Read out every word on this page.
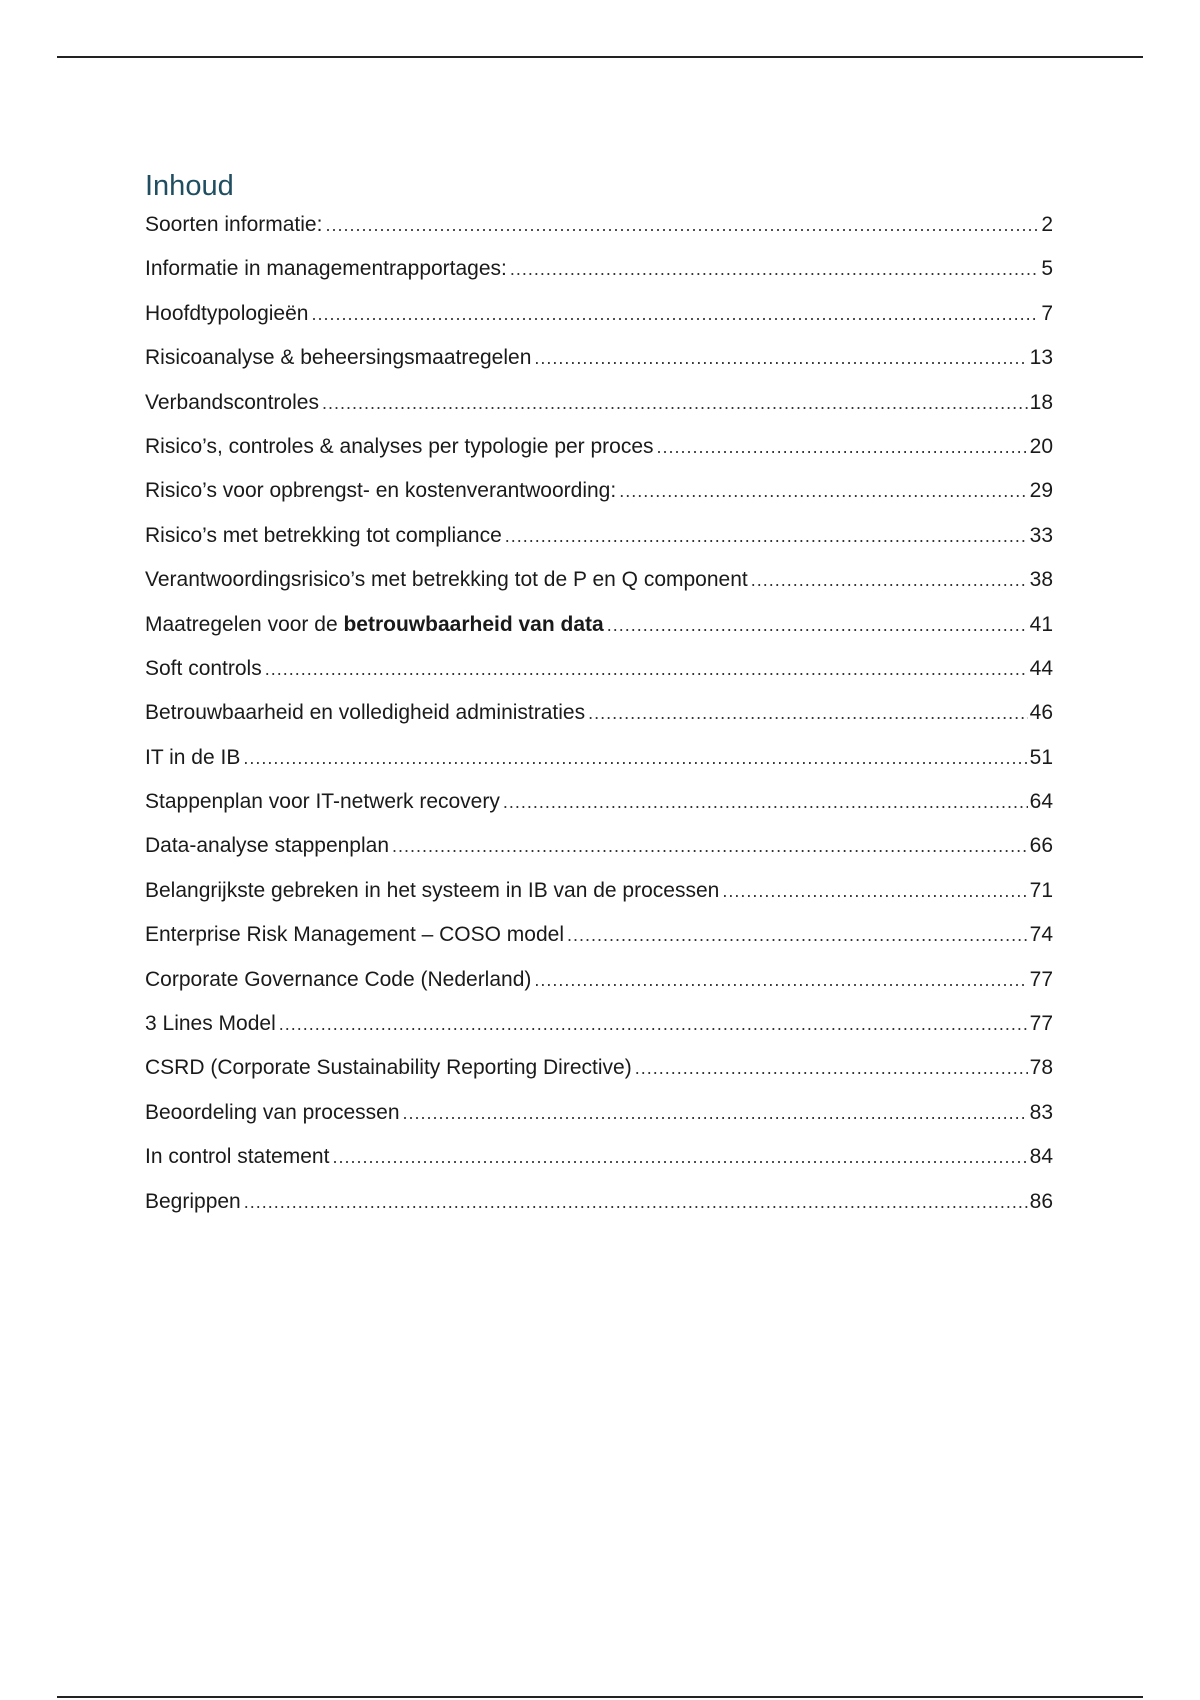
Inhoud
Soorten informatie: .....	2
Informatie in managementrapportages: .....	5
Hoofdtypologieën .....	7
Risicoanalyse & beheersingsmaatregelen .....	13
Verbandscontroles .....	18
Risico’s, controles & analyses per typologie per proces .....	20
Risico’s voor opbrengst- en kostenverantwoording: .....	29
Risico’s met betrekking tot compliance .....	33
Verantwoordingsrisico’s met betrekking tot de P en Q component .....	38
Maatregelen voor de betrouwbaarheid van data .....	41
Soft controls .....	44
Betrouwbaarheid en volledigheid administraties .....	46
IT in de IB .....	51
Stappenplan voor IT-netwerk recovery .....	64
Data-analyse stappenplan .....	66
Belangrijkste gebreken in het systeem in IB van de processen .....	71
Enterprise Risk Management – COSO model .....	74
Corporate Governance Code (Nederland) .....	77
3 Lines Model .....	77
CSRD (Corporate Sustainability Reporting Directive) .....	78
Beoordeling van processen .....	83
In control statement .....	84
Begrippen .....	86
